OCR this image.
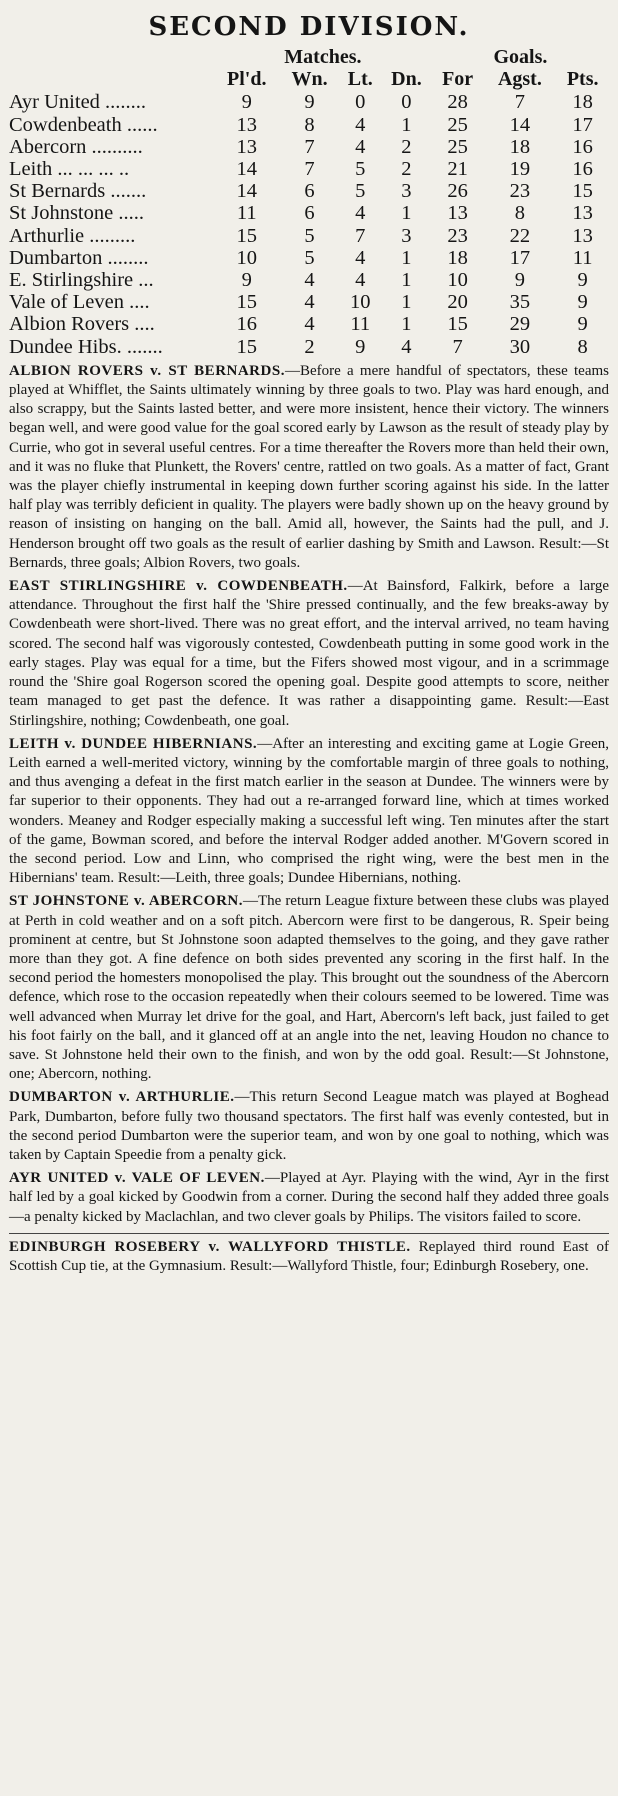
SECOND DIVISION.
	Matches.				Goals.		
	Pl'd.	Wn.	Lt.	Dn.	For	Agst.	Pts.
Ayr United ........	9	9	0	0	28	7	18
Cowdenbeath ......	13	8	4	1	25	14	17
Abercorn ..........	13	7	4	2	25	18	16
Leith ... ... ... ..	14	7	5	2	21	19	16
St Bernards .......	14	6	5	3	26	23	15
St Johnstone .....	11	6	4	1	13	8	13
Arthurlie .........	15	5	7	3	23	22	13
Dumbarton ........	10	5	4	1	18	17	11
E. Stirlingshire ...	9	4	4	1	10	9	9
Vale of Leven ....	15	4	10	1	20	35	9
Albion Rovers ....	16	4	11	1	15	29	9
Dundee Hibs. .......	15	2	9	4	7	30	8

ALBION ROVERS v. ST BERNARDS.—Before a mere handful of spectators, these teams played at Whifflet, the Saints ultimately winning by three goals to two. Play was hard enough, and also scrappy, but the Saints lasted better, and were more insistent, hence their victory. The winners began well, and were good value for the goal scored early by Lawson as the result of steady play by Currie, who got in several useful centres. For a time thereafter the Rovers more than held their own, and it was no fluke that Plunkett, the Rovers' centre, rattled on two goals. As a matter of fact, Grant was the player chiefly instrumental in keeping down further scoring against his side. In the latter half play was terribly deficient in quality. The players were badly shown up on the heavy ground by reason of insisting on hanging on the ball. Amid all, however, the Saints had the pull, and J. Henderson brought off two goals as the result of earlier dashing by Smith and Lawson. Result:—St Bernards, three goals; Albion Rovers, two goals.

EAST STIRLINGSHIRE v. COWDENBEATH.—At Bainsford, Falkirk, before a large attendance. Throughout the first half the 'Shire pressed continually, and the few breaks-away by Cowdenbeath were short-lived. There was no great effort, and the interval arrived, no team having scored. The second half was vigorously contested, Cowdenbeath putting in some good work in the early stages. Play was equal for a time, but the Fifers showed most vigour, and in a scrimmage round the 'Shire goal Rogerson scored the opening goal. Despite good attempts to score, neither team managed to get past the defence. It was rather a disappointing game. Result:—East Stirlingshire, nothing; Cowdenbeath, one goal.

LEITH v. DUNDEE HIBERNIANS.—After an interesting and exciting game at Logie Green, Leith earned a well-merited victory, winning by the comfortable margin of three goals to nothing, and thus avenging a defeat in the first match earlier in the season at Dundee. The winners were by far superior to their opponents. They had out a re-arranged forward line, which at times worked wonders. Meaney and Rodger especially making a successful left wing. Ten minutes after the start of the game, Bowman scored, and before the interval Rodger added another. M'Govern scored in the second period. Low and Linn, who comprised the right wing, were the best men in the Hibernians' team. Result:—Leith, three goals; Dundee Hibernians, nothing.

ST JOHNSTONE v. ABERCORN.—The return League fixture between these clubs was played at Perth in cold weather and on a soft pitch. Abercorn were first to be dangerous, R. Speir being prominent at centre, but St Johnstone soon adapted themselves to the going, and they gave rather more than they got. A fine defence on both sides prevented any scoring in the first half. In the second period the homesters monopolised the play. This brought out the soundness of the Abercorn defence, which rose to the occasion repeatedly when their colours seemed to be lowered. Time was well advanced when Murray let drive for the goal, and Hart, Abercorn's left back, just failed to get his foot fairly on the ball, and it glanced off at an angle into the net, leaving Houdon no chance to save. St Johnstone held their own to the finish, and won by the odd goal. Result:—St Johnstone, one; Abercorn, nothing.

DUMBARTON v. ARTHURLIE.—This return Second League match was played at Boghead Park, Dumbarton, before fully two thousand spectators. The first half was evenly contested, but in the second period Dumbarton were the superior team, and won by one goal to nothing, which was taken by Captain Speedie from a penalty gick.

AYR UNITED v. VALE OF LEVEN.—Played at Ayr. Playing with the wind, Ayr in the first half led by a goal kicked by Goodwin from a corner. During the second half they added three goals—a penalty kicked by Maclachlan, and two clever goals by Philips. The visitors failed to score.

EDINBURGH ROSEBERY v. WALLYFORD THISTLE. Replayed third round East of Scottish Cup tie, at the Gymnasium. Result:—Wallyford Thistle, four; Edinburgh Rosebery, one.
